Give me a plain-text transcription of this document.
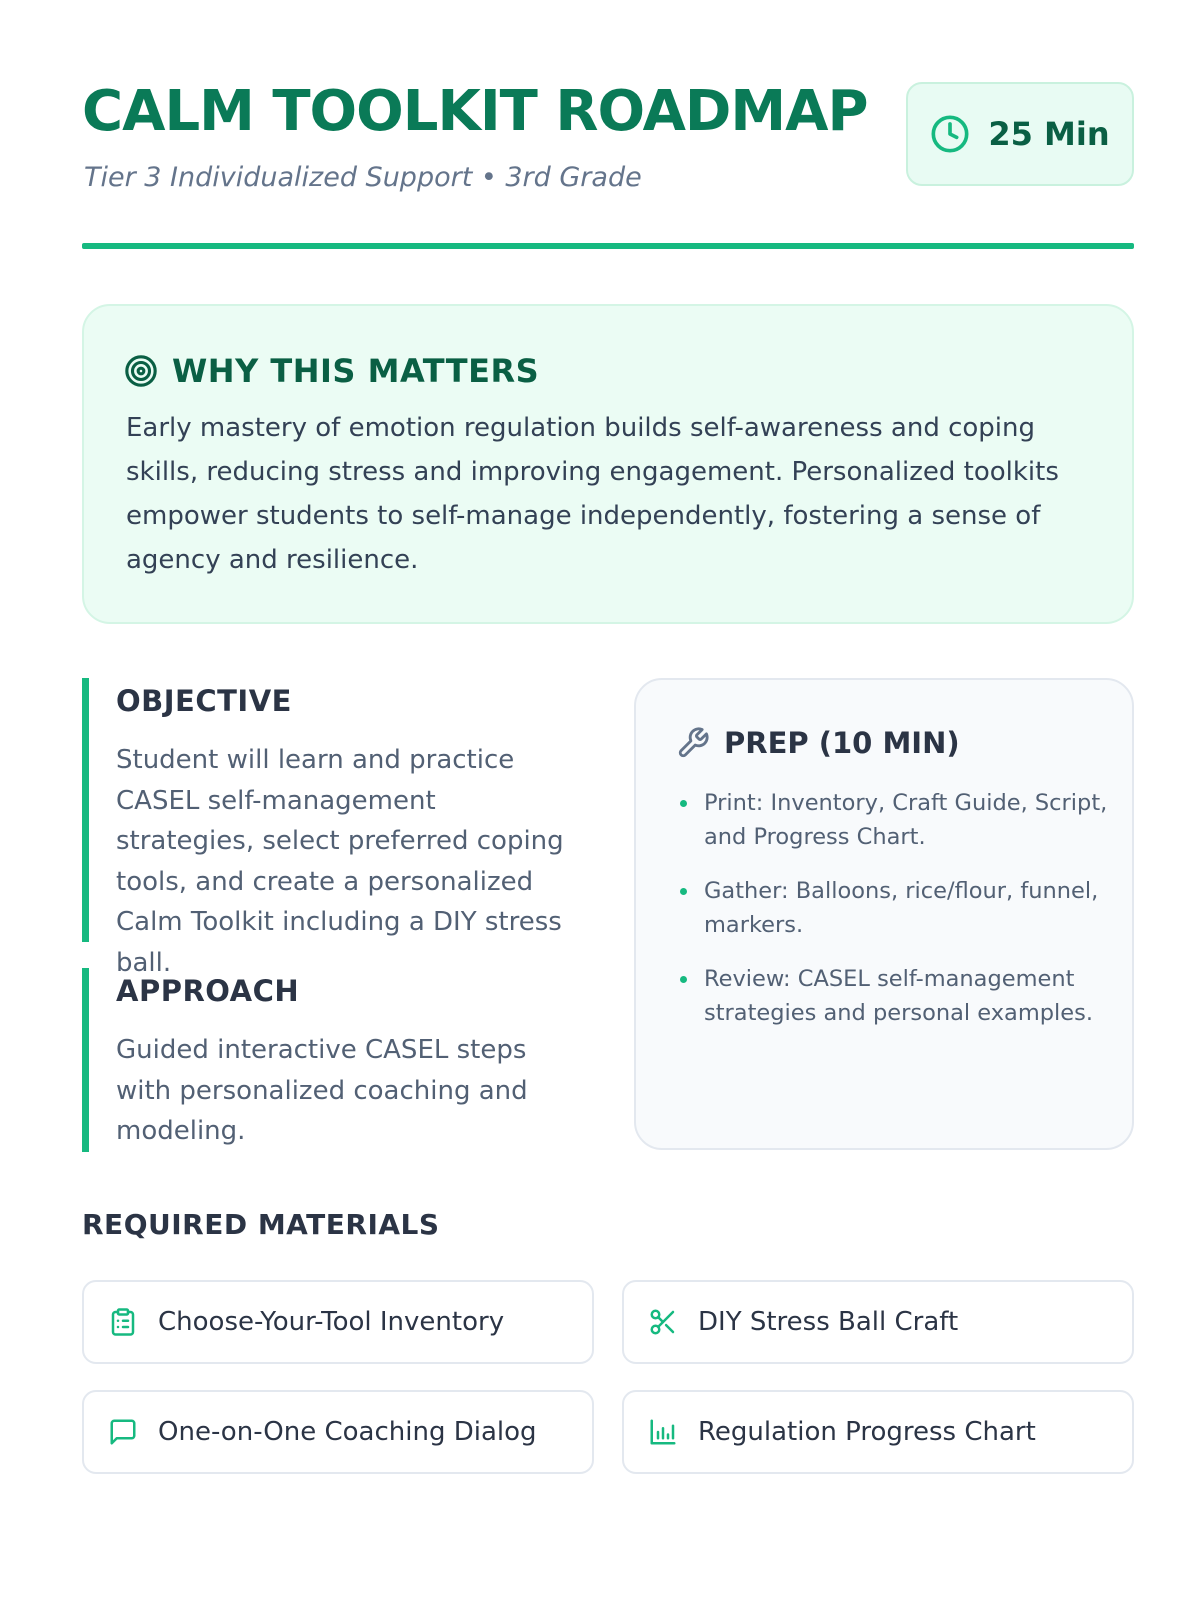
CALM TOOLKIT ROADMAP
Tier 3 Individualized Support • 3rd Grade
25 Min
WHY THIS MATTERS
Early mastery of emotion regulation builds self-awareness and coping skills, reducing stress and improving engagement. Personalized toolkits empower students to self-manage independently, fostering a sense of agency and resilience.
OBJECTIVE
Student will learn and practice CASEL self-management strategies, select preferred coping tools, and create a personalized Calm Toolkit including a DIY stress ball.
APPROACH
Guided interactive CASEL steps with personalized coaching and modeling.
PREP (10 MIN)
Print: Inventory, Craft Guide, Script, and Progress Chart.
Gather: Balloons, rice/flour, funnel, markers.
Review: CASEL self-management strategies and personal examples.
REQUIRED MATERIALS
Choose-Your-Tool Inventory	DIY Stress Ball Craft
One-on-One Coaching Dialog	Regulation Progress Chart
